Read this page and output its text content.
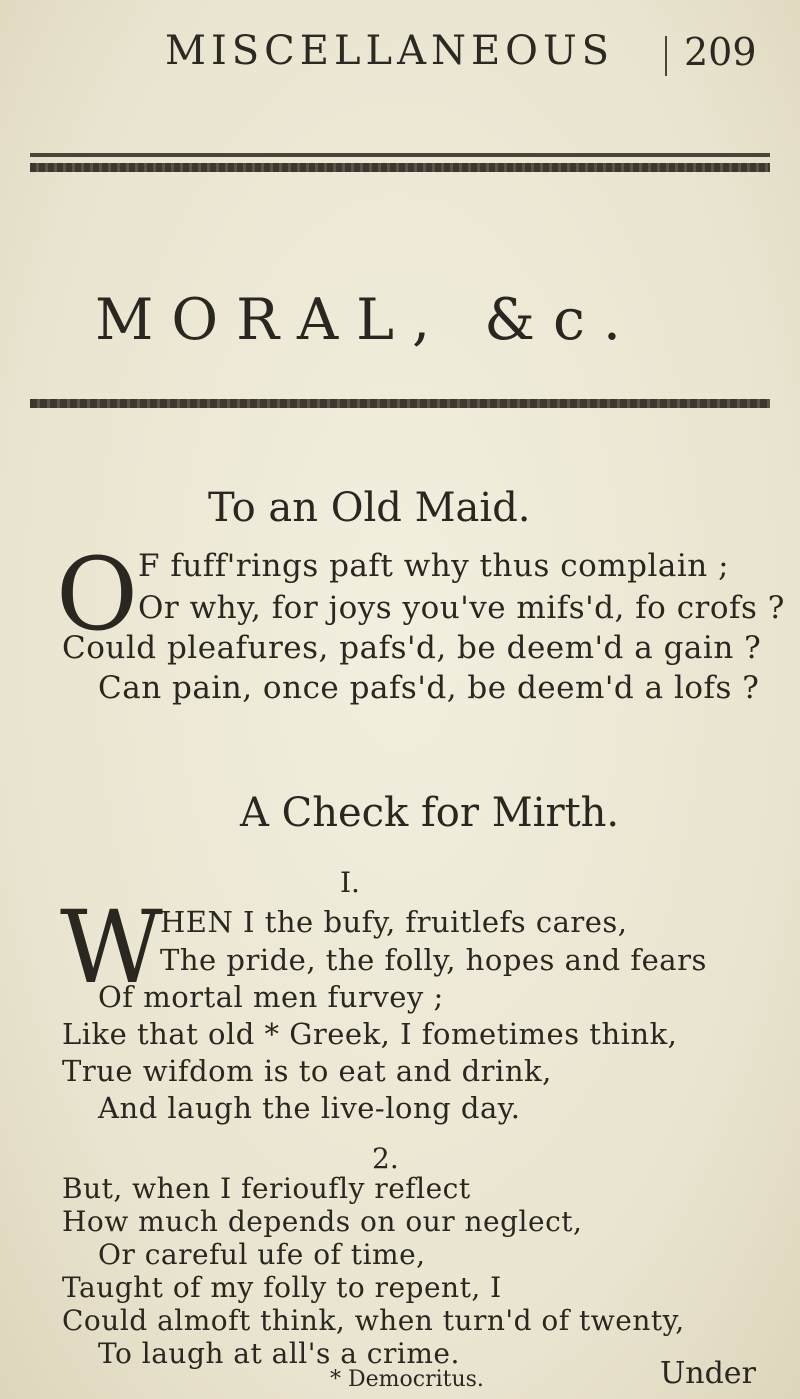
MISCELLANEOUS 209
MORAL, &c.
To an Old Maid.
O F fuff'rings paft why thus complain ;
Or why, for joys you've mifs'd, fo crofs ?
Could pleafures, pafs'd, be deem'd a gain ?
Can pain, once pafs'd, be deem'd a lofs ?
A Check for Mirth.
I.
W
HEN I the bufy, fruitlefs cares,
The pride, the folly, hopes and fears
Of mortal men furvey ;
Like that old * Greek, I fometimes think,
True wifdom is to eat and drink,
And laugh the live-long day.
2.
But, when I ferioufly reflect
How much depends on our neglect,
Or careful ufe of time,
Taught of my folly to repent, I
Could almoft think, when turn'd of twenty,
To laugh at all's a crime.
* Democritus.	Under
